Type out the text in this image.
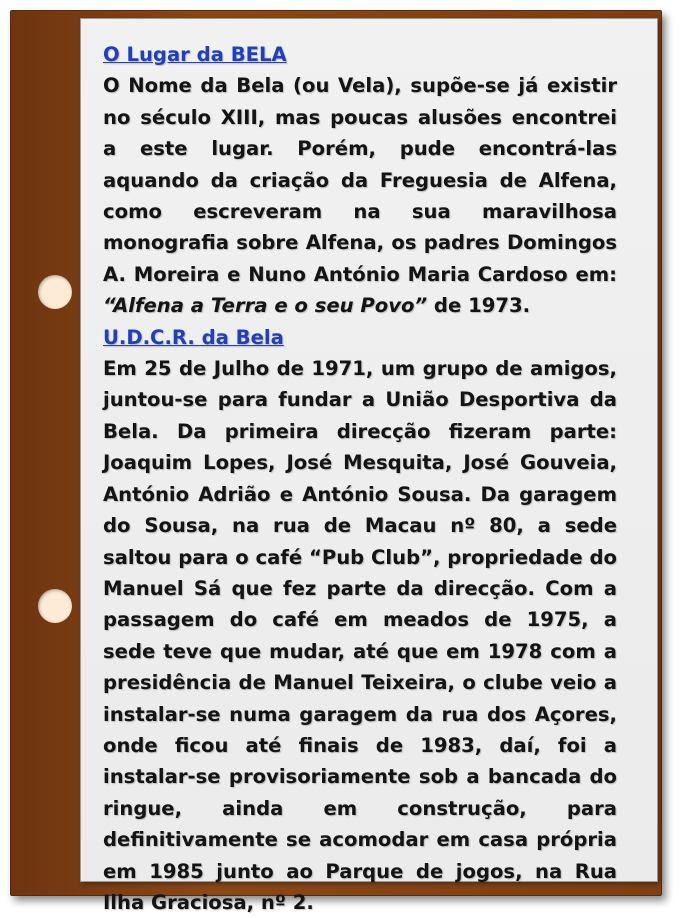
O Lugar da BELA

O Nome da Bela (ou Vela), supõe-se já existir no século XIII, mas poucas alusões encontrei a este lugar. Porém, pude encontrá-las aquando da criação da Freguesia de Alfena, como escreveram na sua maravilhosa monografia sobre Alfena, os padres Domingos A. Moreira e Nuno António Maria Cardoso em: “Alfena a Terra e o seu Povo” de 1973.

U.D.C.R. da Bela

Em 25 de Julho de 1971, um grupo de amigos, juntou-se para fundar a União Desportiva da Bela. Da primeira direcção fizeram parte: Joaquim Lopes, José Mesquita, José Gouveia, António Adrião e António Sousa. Da garagem do Sousa, na rua de Macau nº 80, a sede saltou para o café “Pub Club”, propriedade do Manuel Sá que fez parte da direcção. Com a passagem do café em meados de 1975, a sede teve que mudar, até que em 1978 com a presidência de Manuel Teixeira, o clube veio a instalar-se numa garagem da rua dos Açores, onde ficou até finais de 1983, daí, foi a instalar-se provisoriamente sob a bancada do ringue, ainda em construção, para definitivamente se acomodar em casa própria em 1985 junto ao Parque de jogos, na Rua Ilha Graciosa, nº 2.
